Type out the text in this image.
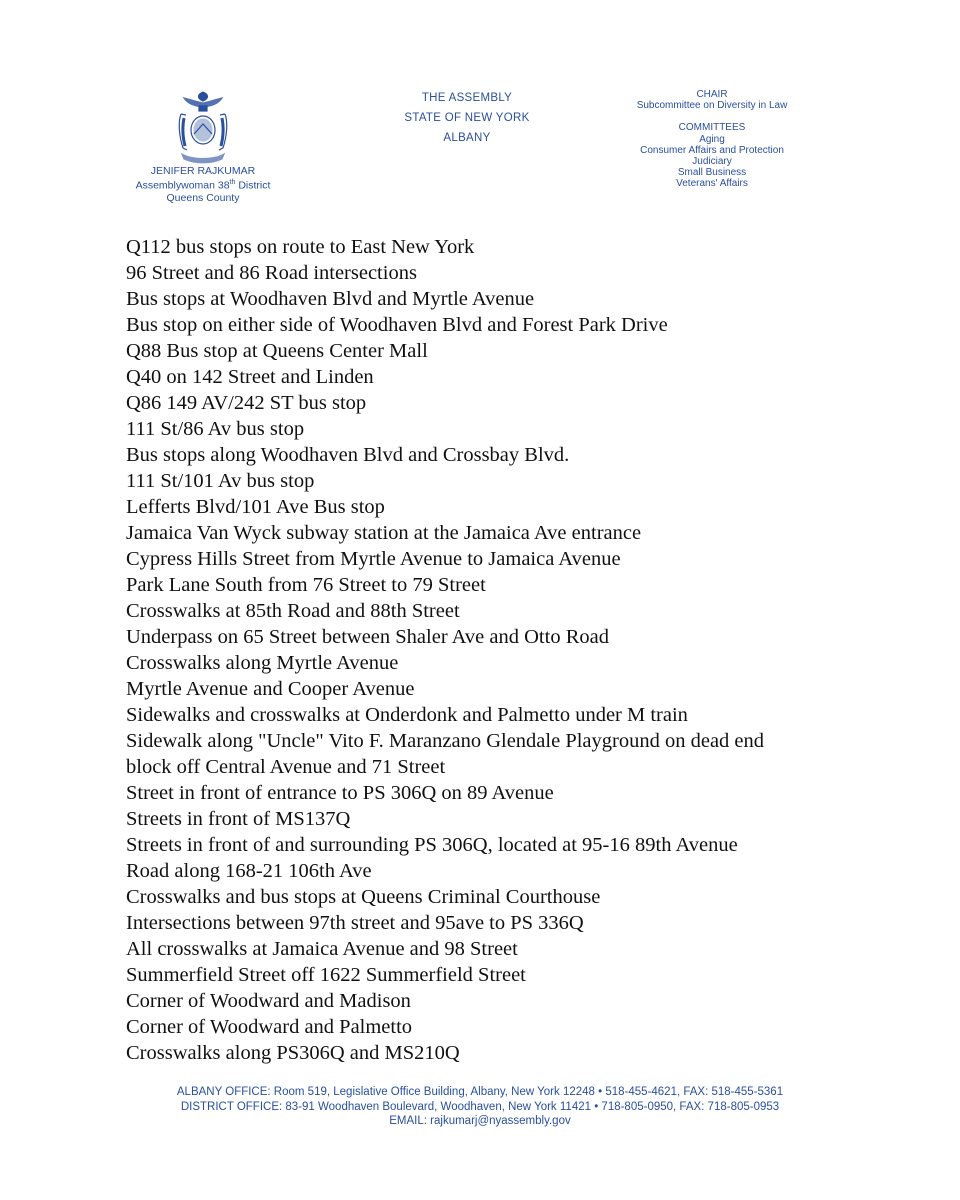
JENIFER RAJKUMAR
Assemblywoman 38th District
Queens County
THE ASSEMBLY
STATE OF NEW YORK
ALBANY
CHAIR
Subcommittee on Diversity in Law
COMMITTEES
Aging
Consumer Affairs and Protection
Judiciary
Small Business
Veterans' Affairs
Q112 bus stops on route to East New York
96 Street and 86 Road intersections
Bus stops at Woodhaven Blvd and Myrtle Avenue
Bus stop on either side of Woodhaven Blvd and Forest Park Drive
Q88 Bus stop at Queens Center Mall
Q40 on 142 Street and Linden
Q86 149 AV/242 ST bus stop
111 St/86 Av bus stop
Bus stops along Woodhaven Blvd and Crossbay Blvd.
111 St/101 Av bus stop
Lefferts Blvd/101 Ave Bus stop
Jamaica Van Wyck subway station at the Jamaica Ave entrance
Cypress Hills Street from Myrtle Avenue to Jamaica Avenue
Park Lane South from 76 Street to 79 Street
Crosswalks at 85th Road and 88th Street
Underpass on 65 Street between Shaler Ave and Otto Road
Crosswalks along Myrtle Avenue
Myrtle Avenue and Cooper Avenue
Sidewalks and crosswalks at Onderdonk and Palmetto under M train
Sidewalk along "Uncle" Vito F. Maranzano Glendale Playground on dead end
block off Central Avenue and 71 Street
Street in front of entrance to PS 306Q on 89 Avenue
Streets in front of MS137Q
Streets in front of and surrounding PS 306Q, located at 95-16 89th Avenue
Road along 168-21 106th Ave
Crosswalks and bus stops at Queens Criminal Courthouse
Intersections between 97th street and 95ave to PS 336Q
All crosswalks at Jamaica Avenue and 98 Street
Summerfield Street off 1622 Summerfield Street
Corner of Woodward and Madison
Corner of Woodward and Palmetto
Crosswalks along PS306Q and MS210Q
ALBANY OFFICE: Room 519, Legislative Office Building, Albany, New York 12248 • 518-455-4621, FAX: 518-455-5361
DISTRICT OFFICE: 83-91 Woodhaven Boulevard, Woodhaven, New York 11421 • 718-805-0950, FAX: 718-805-0953
EMAIL: rajkumarj@nyassembly.gov
